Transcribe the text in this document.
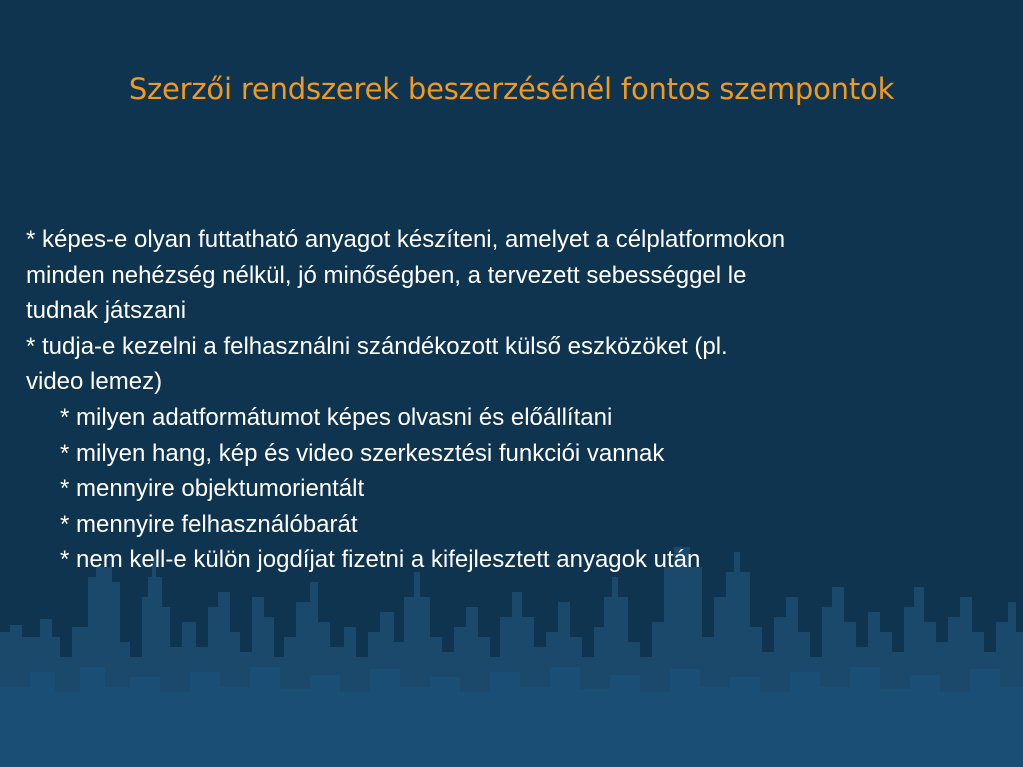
Szerzői rendszerek beszerzésénél fontos szempontok
* képes-e olyan futtatható anyagot készíteni, amelyet a célplatformokon
minden nehézség nélkül, jó minőségben, a tervezett sebességgel le
tudnak játszani
* tudja-e kezelni a felhasználni szándékozott külső eszközöket (pl.
video lemez)
* milyen adatformátumot képes olvasni és előállítani
* milyen hang, kép és video szerkesztési funkciói vannak
* mennyire objektumorientált
* mennyire felhasználóbarát
* nem kell-e külön jogdíjat fizetni a kifejlesztett anyagok után
